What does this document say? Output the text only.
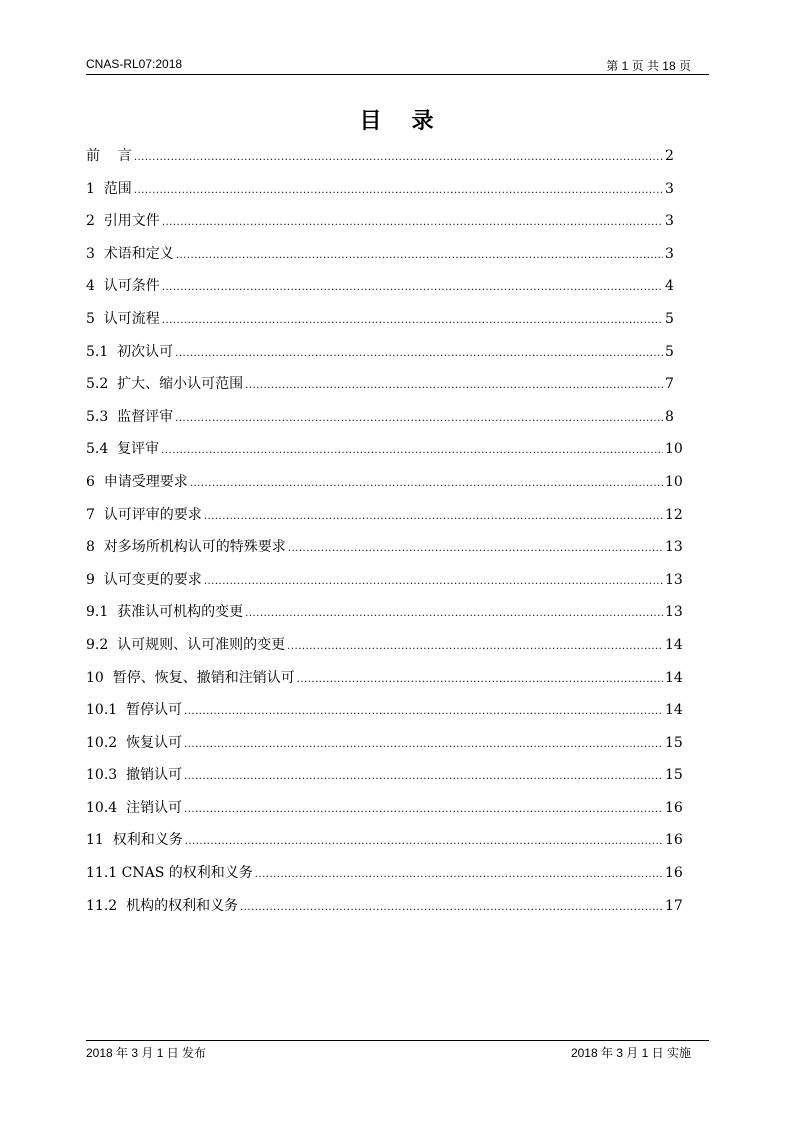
CNAS-RL07:2018	第 1 页 共 18 页
目录
前    言 .....	2
1  范围 .....	3
2  引用文件 .....	3
3  术语和定义 .....	3
4  认可条件 .....	4
5  认可流程 .....	5
5.1  初次认可 .....	5
5.2  扩大、缩小认可范围 .....	7
5.3  监督评审 .....	8
5.4  复评审 .....	10
6  申请受理要求 .....	10
7  认可评审的要求 .....	12
8  对多场所机构认可的特殊要求 .....	13
9  认可变更的要求 .....	13
9.1  获准认可机构的变更 .....	13
9.2  认可规则、认可准则的变更 .....	14
10  暂停、恢复、撤销和注销认可 .....	14
10.1  暂停认可 .....	14
10.2  恢复认可 .....	15
10.3  撤销认可 .....	15
10.4  注销认可 .....	16
11  权利和义务 .....	16
11.1 CNAS 的权利和义务 .....	16
11.2  机构的权利和义务 .....	17
2018 年 3 月 1 日 发布	2018 年 3 月 1 日 实施
